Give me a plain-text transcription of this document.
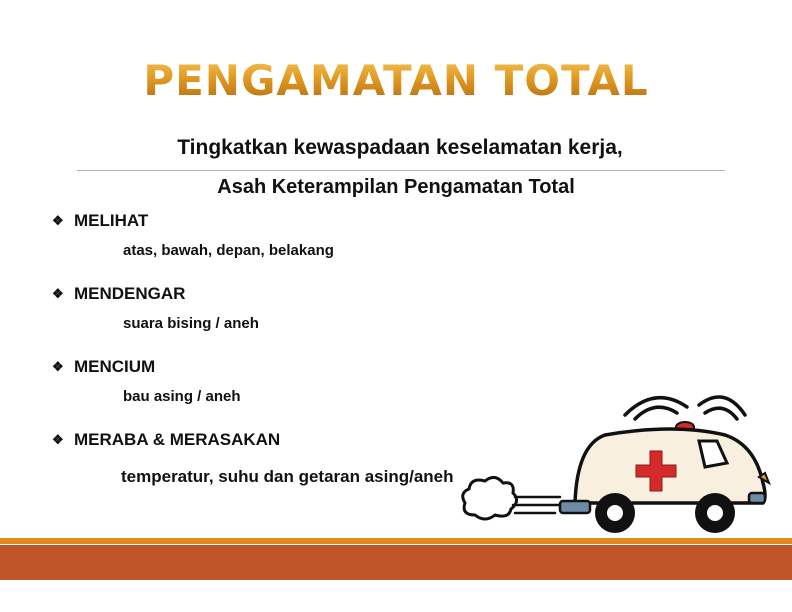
PENGAMATAN TOTAL
Tingkatkan kewaspadaan keselamatan kerja,
Asah Keterampilan Pengamatan Total
❖ MELIHAT
atas, bawah, depan, belakang
❖ MENDENGAR
suara bising / aneh
❖ MENCIUM
bau asing / aneh
❖ MERABA & MERASAKAN
temperatur, suhu dan getaran asing/aneh
